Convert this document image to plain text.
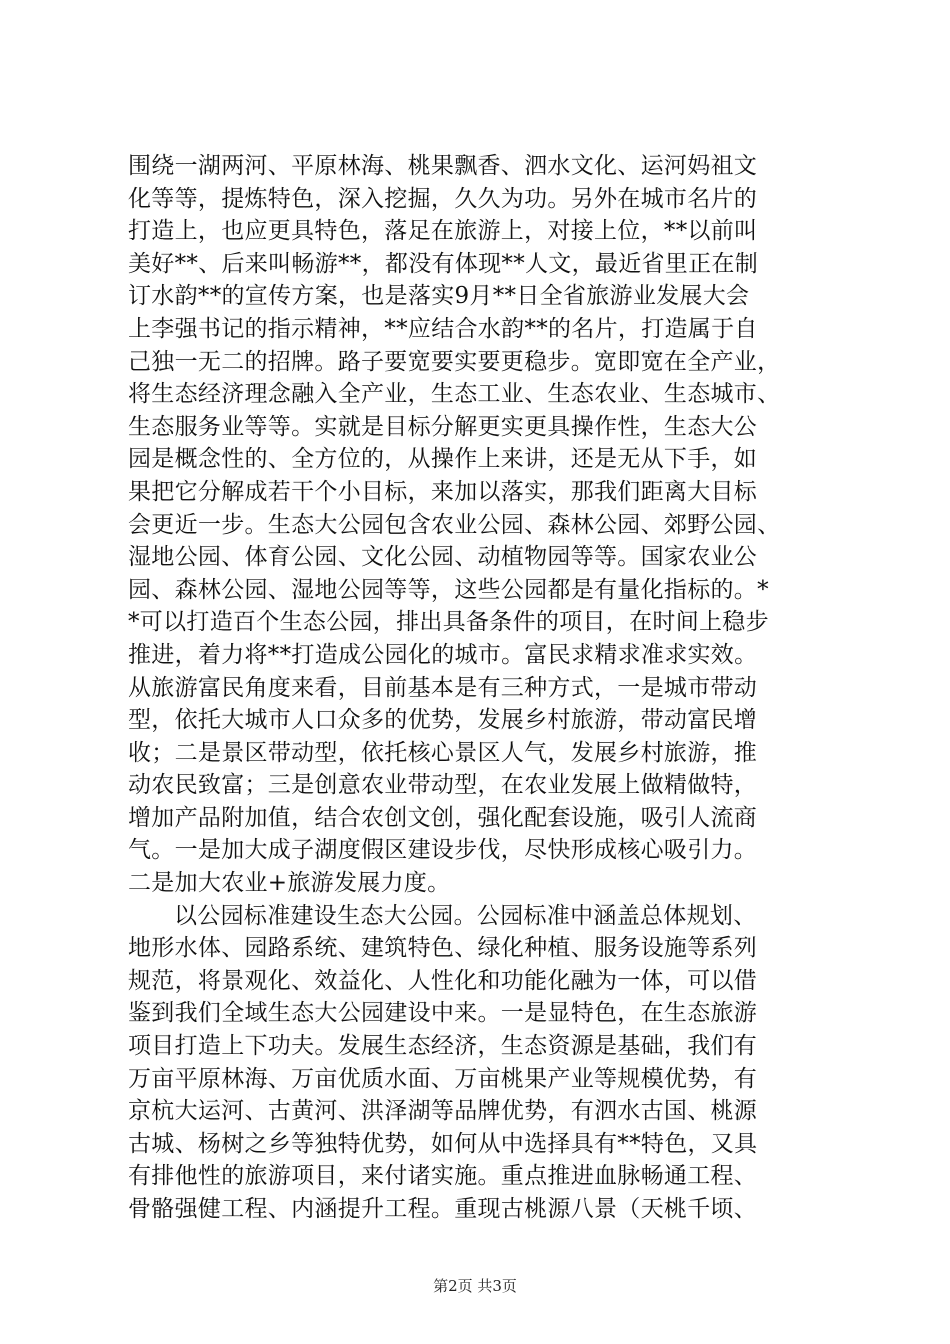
围绕一湖两河、平原林海、桃果飘香、泗水文化、运河妈祖文
化等等，提炼特色，深入挖掘，久久为功。另外在城市名片的
打造上，也应更具特色，落足在旅游上，对接上位，**以前叫
美好**、后来叫畅游**，都没有体现**人文，最近省里正在制
订水韵**的宣传方案，也是落实9月**日全省旅游业发展大会
上李强书记的指示精神，**应结合水韵**的名片，打造属于自
己独一无二的招牌。路子要宽要实要更稳步。宽即宽在全产业，
将生态经济理念融入全产业，生态工业、生态农业、生态城市、
生态服务业等等。实就是目标分解更实更具操作性，生态大公
园是概念性的、全方位的，从操作上来讲，还是无从下手，如
果把它分解成若干个小目标，来加以落实，那我们距离大目标
会更近一步。生态大公园包含农业公园、森林公园、郊野公园、
湿地公园、体育公园、文化公园、动植物园等等。国家农业公
园、森林公园、湿地公园等等，这些公园都是有量化指标的。*
*可以打造百个生态公园，排出具备条件的项目，在时间上稳步
推进，着力将**打造成公园化的城市。富民求精求准求实效。
从旅游富民角度来看，目前基本是有三种方式，一是城市带动
型，依托大城市人口众多的优势，发展乡村旅游，带动富民增
收；二是景区带动型，依托核心景区人气，发展乡村旅游，推
动农民致富；三是创意农业带动型，在农业发展上做精做特，
增加产品附加值，结合农创文创，强化配套设施，吸引人流商
气。一是加大成子湖度假区建设步伐，尽快形成核心吸引力。
二是加大农业+旅游发展力度。
以公园标准建设生态大公园。公园标准中涵盖总体规划、
地形水体、园路系统、建筑特色、绿化种植、服务设施等系列
规范，将景观化、效益化、人性化和功能化融为一体，可以借
鉴到我们全域生态大公园建设中来。一是显特色，在生态旅游
项目打造上下功夫。发展生态经济，生态资源是基础，我们有
万亩平原林海、万亩优质水面、万亩桃果产业等规模优势，有
京杭大运河、古黄河、洪泽湖等品牌优势，有泗水古国、桃源
古城、杨树之乡等独特优势，如何从中选择具有**特色，又具
有排他性的旅游项目，来付诸实施。重点推进血脉畅通工程、
骨骼强健工程、内涵提升工程。重现古桃源八景（天桃千顷、
第2页 共3页
